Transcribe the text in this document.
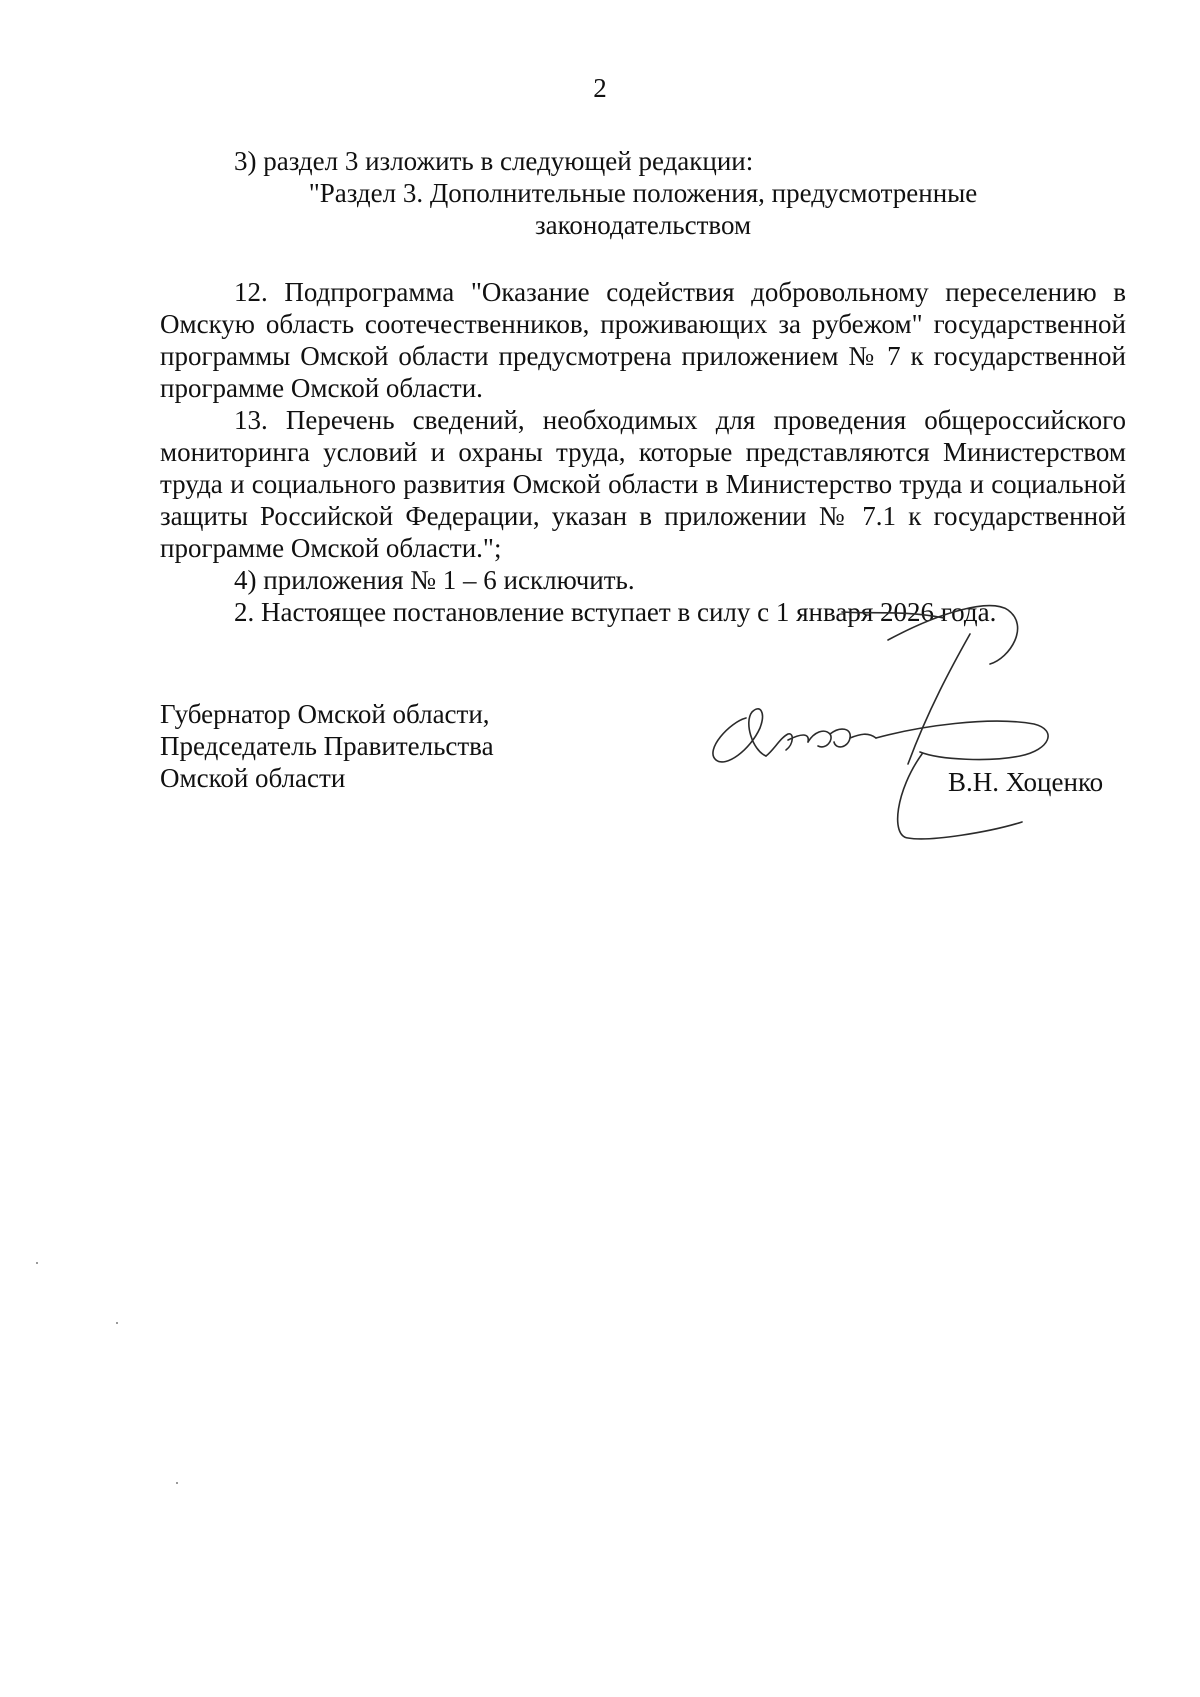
2

3) раздел 3 изложить в следующей редакции:

"Раздел 3. Дополнительные положения, предусмотренные

законодательством

12. Подпрограмма "Оказание содействия добровольному переселению в Омскую область соотечественников, проживающих за рубежом" государственной программы Омской области предусмотрена приложением № 7 к государственной программе Омской области.

13. Перечень сведений, необходимых для проведения общероссийского мониторинга условий и охраны труда, которые представляются Министерством труда и социального развития Омской области в Министерство труда и социальной защиты Российской Федерации, указан в приложении № 7.1 к государственной программе Омской области.";

4) приложения № 1 – 6 исключить.

2. Настоящее постановление вступает в силу с 1 января 2026 года.

Губернатор Омской области,

Председатель Правительства

Омской области	В.Н. Хоценко
